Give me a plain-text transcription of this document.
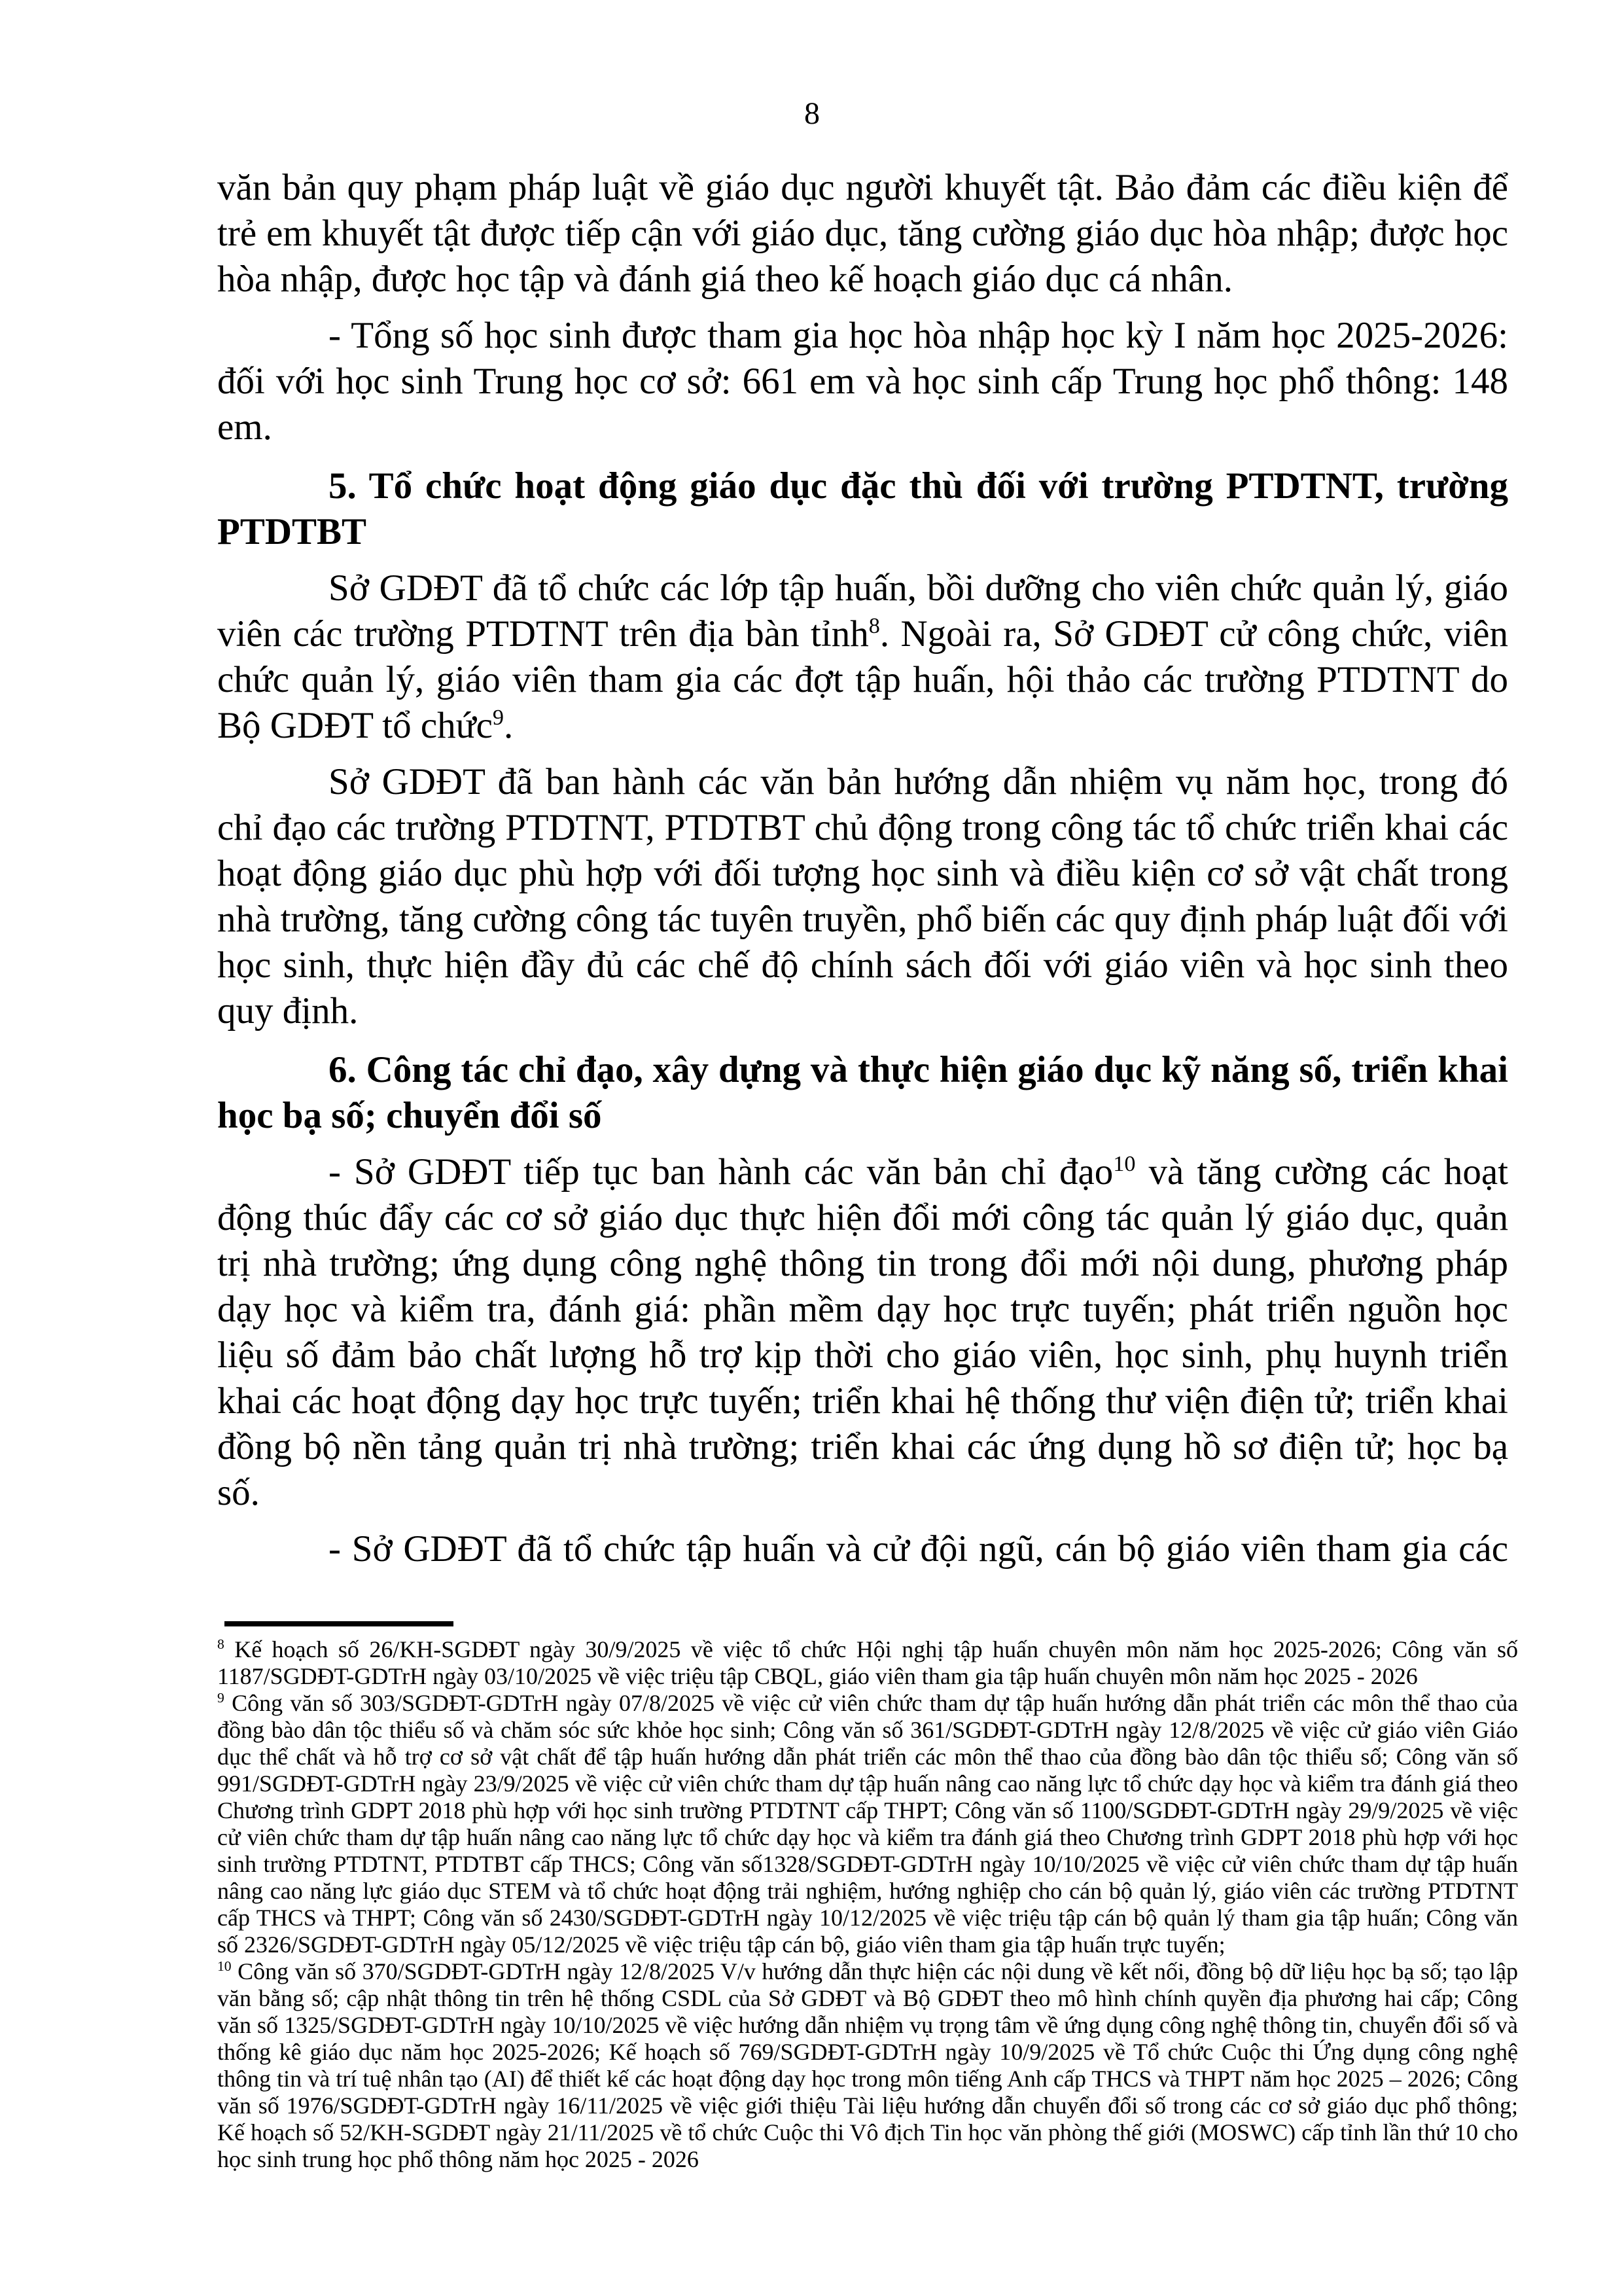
8
văn bản quy phạm pháp luật về giáo dục người khuyết tật. Bảo đảm các điều kiện để trẻ em khuyết tật được tiếp cận với giáo dục, tăng cường giáo dục hòa nhập; được học hòa nhập, được học tập và đánh giá theo kế hoạch giáo dục cá nhân.
- Tổng số học sinh được tham gia học hòa nhập học kỳ I năm học 2025-2026: đối với học sinh Trung học cơ sở: 661 em và học sinh cấp Trung học phổ thông: 148 em.
5. Tổ chức hoạt động giáo dục đặc thù đối với trường PTDTNT, trường PTDTBT
Sở GDĐT đã tổ chức các lớp tập huấn, bồi dưỡng cho viên chức quản lý, giáo viên các trường PTDTNT trên địa bàn tỉnh$^8$. Ngoài ra, Sở GDĐT cử công chức, viên chức quản lý, giáo viên tham gia các đợt tập huấn, hội thảo các trường PTDTNT do Bộ GDĐT tổ chức$^9$.
Sở GDĐT đã ban hành các văn bản hướng dẫn nhiệm vụ năm học, trong đó chỉ đạo các trường PTDTNT, PTDTBT chủ động trong công tác tổ chức triển khai các hoạt động giáo dục phù hợp với đối tượng học sinh và điều kiện cơ sở vật chất trong nhà trường, tăng cường công tác tuyên truyền, phổ biến các quy định pháp luật đối với học sinh, thực hiện đầy đủ các chế độ chính sách đối với giáo viên và học sinh theo quy định.
6. Công tác chỉ đạo, xây dựng và thực hiện giáo dục kỹ năng số, triển khai học bạ số; chuyển đổi số
- Sở GDĐT tiếp tục ban hành các văn bản chỉ đạo$^{10}$ và tăng cường các hoạt động thúc đẩy các cơ sở giáo dục thực hiện đổi mới công tác quản lý giáo dục, quản trị nhà trường; ứng dụng công nghệ thông tin trong đổi mới nội dung, phương pháp dạy học và kiểm tra, đánh giá: phần mềm dạy học trực tuyến; phát triển nguồn học liệu số đảm bảo chất lượng hỗ trợ kịp thời cho giáo viên, học sinh, phụ huynh triển khai các hoạt động dạy học trực tuyến; triển khai hệ thống thư viện điện tử; triển khai đồng bộ nền tảng quản trị nhà trường; triển khai các ứng dụng hồ sơ điện tử; học bạ số.
- Sở GDĐT đã tổ chức tập huấn và cử đội ngũ, cán bộ giáo viên tham gia các
$^8$ Kế hoạch số 26/KH-SGDĐT ngày 30/9/2025 về việc tổ chức Hội nghị tập huấn chuyên môn năm học 2025-2026; Công văn số 1187/SGDĐT-GDTrH ngày 03/10/2025 về việc triệu tập CBQL, giáo viên tham gia tập huấn chuyên môn năm học 2025 - 2026
$^9$ Công văn số 303/SGDĐT-GDTrH ngày 07/8/2025 về việc cử viên chức tham dự tập huấn hướng dẫn phát triển các môn thể thao của đồng bào dân tộc thiểu số và chăm sóc sức khỏe học sinh; Công văn số 361/SGDĐT-GDTrH ngày 12/8/2025 về việc cử giáo viên Giáo dục thể chất và hỗ trợ cơ sở vật chất để tập huấn hướng dẫn phát triển các môn thể thao của đồng bào dân tộc thiểu số; Công văn số 991/SGDĐT-GDTrH ngày 23/9/2025 về việc cử viên chức tham dự tập huấn nâng cao năng lực tổ chức dạy học và kiểm tra đánh giá theo Chương trình GDPT 2018 phù hợp với học sinh trường PTDTNT cấp THPT; Công văn số 1100/SGDĐT-GDTrH ngày 29/9/2025 về việc cử viên chức tham dự tập huấn nâng cao năng lực tổ chức dạy học và kiểm tra đánh giá theo Chương trình GDPT 2018 phù hợp với học sinh trường PTDTNT, PTDTBT cấp THCS; Công văn số1328/SGDĐT-GDTrH ngày 10/10/2025 về việc cử viên chức tham dự tập huấn nâng cao năng lực giáo dục STEM và tổ chức hoạt động trải nghiệm, hướng nghiệp cho cán bộ quản lý, giáo viên các trường PTDTNT cấp THCS và THPT; Công văn số 2430/SGDĐT-GDTrH ngày 10/12/2025 về việc triệu tập cán bộ quản lý tham gia tập huấn; Công văn số 2326/SGDĐT-GDTrH ngày 05/12/2025 về việc triệu tập cán bộ, giáo viên tham gia tập huấn trực tuyến;
$^{10}$ Công văn số 370/SGDĐT-GDTrH ngày 12/8/2025 V/v hướng dẫn thực hiện các nội dung về kết nối, đồng bộ dữ liệu học bạ số; tạo lập văn bằng số; cập nhật thông tin trên hệ thống CSDL của Sở GDĐT và Bộ GDĐT theo mô hình chính quyền địa phương hai cấp; Công văn số 1325/SGDĐT-GDTrH ngày 10/10/2025 về việc hướng dẫn nhiệm vụ trọng tâm về ứng dụng công nghệ thông tin, chuyển đổi số và thống kê giáo dục năm học 2025-2026; Kế hoạch số 769/SGDĐT-GDTrH ngày 10/9/2025 về Tổ chức Cuộc thi Ứng dụng công nghệ thông tin và trí tuệ nhân tạo (AI) để thiết kế các hoạt động dạy học trong môn tiếng Anh cấp THCS và THPT năm học 2025 – 2026; Công văn số 1976/SGDĐT-GDTrH ngày 16/11/2025 về việc giới thiệu Tài liệu hướng dẫn chuyển đổi số trong các cơ sở giáo dục phổ thông; Kế hoạch số 52/KH-SGDĐT ngày 21/11/2025 về tổ chức Cuộc thi Vô địch Tin học văn phòng thế giới (MOSWC) cấp tỉnh lần thứ 10 cho học sinh trung học phổ thông năm học 2025 - 2026
